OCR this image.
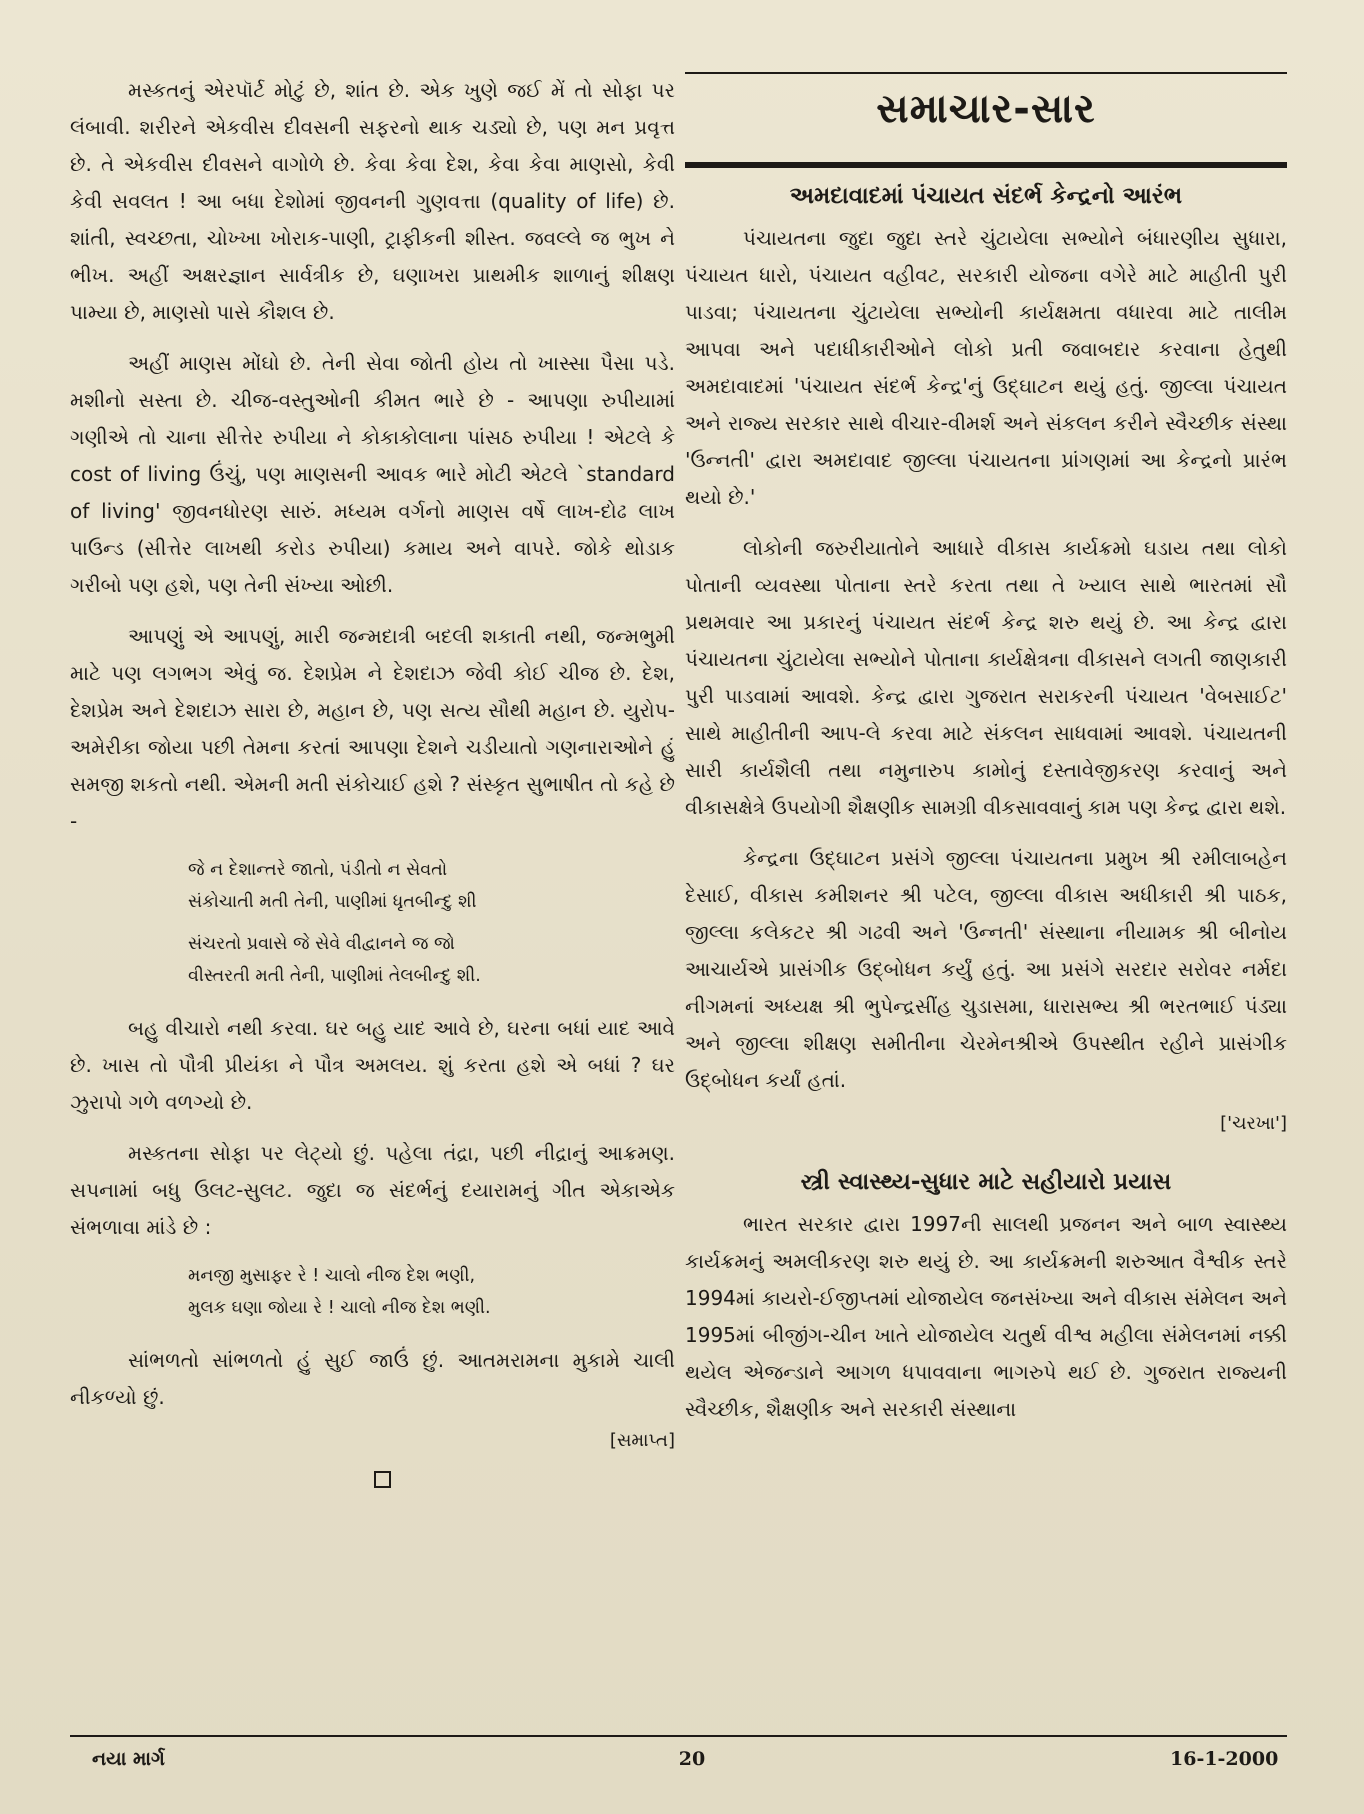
મસ્કતનું એરપૉર્ટ મોટું છે, શાંત છે. એક ખુણે જઈ મેં તો સોફા પર લંબાવી. શરીરને એકવીસ દીવસની સફરનો થાક ચડ્યો છે, પણ મન પ્રવૃત્ત છે. તે એકવીસ દીવસને વાગોળે છે. કેવા કેવા દેશ, કેવા કેવા માણસો, કેવી કેવી સવલત ! આ બધા દેશોમાં જીવનની ગુણવત્તા (quality of life) છે. શાંતી, સ્વચ્છતા, ચોખ્ખા ખોરાક-પાણી, ટ્રાફીકની શીસ્ત. જવલ્લે જ ભુખ ને ભીખ. અહીં અક્ષરજ્ઞાન સાર્વત્રીક છે, ઘણાખરા પ્રાથમીક શાળાનું શીક્ષણ પામ્યા છે, માણસો પાસે કૌશલ છે.

અહીં માણસ મોંઘો છે. તેની સેવા જોતી હોય તો ખાસ્સા પૈસા પડે. મશીનો સસ્તા છે. ચીજ-વસ્તુઓની કીમત ભારે છે - આપણા રુપીયામાં ગણીએ તો ચાના સીત્તેર રુપીયા ને કોકાકોલાના પાંસઠ રુપીયા ! એટલે કે cost of living ઉંચું, પણ માણસની આવક ભારે મોટી એટલે `standard of living' જીવનધોરણ સારું. મધ્યમ વર્ગનો માણસ વર્ષે લાખ-દોઢ લાખ પાઉન્ડ (સીત્તેર લાખથી કરોડ રુપીયા) કમાય અને વાપરે. જોકે થોડાક ગરીબો પણ હશે, પણ તેની સંખ્યા ઓછી.

આપણું એ આપણું, મારી જન્મદાત્રી બદલી શકાતી નથી, જન્મભુમી માટે પણ લગભગ એવું જ. દેશપ્રેમ ને દેશદાઝ જેવી કોઈ ચીજ છે. દેશ, દેશપ્રેમ અને દેશદાઝ સારા છે, મહાન છે, પણ સત્ય સૌથી મહાન છે. યુરોપ-અમેરીકા જોયા પછી તેમના કરતાં આપણા દેશને ચડીયાતો ગણનારાઓને હું સમજી શકતો નથી. એમની મતી સંકોચાઈ હશે ? સંસ્કૃત સુભાષીત તો કહે છે -

જે ન દેશાન્તરે જાતો, પંડીતો ન સેવતો
સંકોચાતી મતી તેની, પાણીમાં ધૃતબીન્દુ શી
સંચરતો પ્રવાસે જે સેવે વીદ્વાનને જ જો
વીસ્તરતી મતી તેની, પાણીમાં તેલબીન્દુ શી.

બહુ વીચારો નથી કરવા. ઘર બહુ યાદ આવે છે, ઘરના બધાં યાદ આવે છે. ખાસ તો પૌત્રી પ્રીયંકા ને પૌત્ર અમલય. શું કરતા હશે એ બધાં ? ઘર ઝુરાપો ગળે વળગ્યો છે.

મસ્કતના સોફા પર લેટ્યો છું. પહેલા તંદ્રા, પછી નીદ્રાનું આક્રમણ. સપનામાં બધુ ઉલટ-સુલટ. જુદા જ સંદર્ભનું દયારામનું ગીત એકાએક સંભળાવા માંડે છે :

મનજી મુસાફર રે ! ચાલો નીજ દેશ ભણી,
મુલક ઘણા જોયા રે ! ચાલો નીજ દેશ ભણી.

સાંભળતો સાંભળતો હું સુઈ જાઉં છું. આતમરામના મુકામે ચાલી નીકળ્યો છું.

[સમાપ્ત]
સમાચાર-સાર
અમદાવાદમાં પંચાયત સંદર્ભ કેન્દ્રનો આરંભ

પંચાયતના જુદા જુદા સ્તરે ચુંટાયેલા સભ્યોને બંધારણીય સુધારા, પંચાયત ધારો, પંચાયત વહીવટ, સરકારી યોજના વગેરે માટે માહીતી પુરી પાડવા; પંચાયતના ચુંટાયેલા સભ્યોની કાર્યક્ષમતા વધારવા માટે તાલીમ આપવા અને પદાધીકારીઓને લોકો પ્રતી જવાબદાર કરવાના હેતુથી અમદાવાદમાં 'પંચાયત સંદર્ભ કેન્દ્ર'નું ઉદ્ઘાટન થયું હતું. જીલ્લા પંચાયત અને રાજ્ય સરકાર સાથે વીચાર-વીમર્શ અને સંકલન કરીને સ્વૈચ્છીક સંસ્થા 'ઉન્નતી' દ્વારા અમદાવાદ જીલ્લા પંચાયતના પ્રાંગણમાં આ કેન્દ્રનો પ્રારંભ થયો છે.'

લોકોની જરુરીયાતોને આધારે વીકાસ કાર્યક્રમો ઘડાય તથા લોકો પોતાની વ્યવસ્થા પોતાના સ્તરે કરતા તથા તે ખ્યાલ સાથે ભારતમાં સૌ પ્રથમવાર આ પ્રકારનું પંચાયત સંદર્ભ કેન્દ્ર શરુ થયું છે. આ કેન્દ્ર દ્વારા પંચાયતના ચુંટાયેલા સભ્યોને પોતાના કાર્યક્ષેત્રના વીકાસને લગતી જાણકારી પુરી પાડવામાં આવશે. કેન્દ્ર દ્વારા ગુજરાત સરાકરની પંચાયત 'વેબસાઈટ' સાથે માહીતીની આપ-લે કરવા માટે સંકલન સાધવામાં આવશે. પંચાયતની સારી કાર્યશૈલી તથા નમુનારુપ કામોનું દસ્તાવેજીકરણ કરવાનું અને વીકાસક્ષેત્રે ઉપયોગી શૈક્ષણીક સામગ્રી વીકસાવવાનું કામ પણ કેન્દ્ર દ્વારા થશે.

કેન્દ્રના ઉદ્ઘાટન પ્રસંગે જીલ્લા પંચાયતના પ્રમુખ શ્રી રમીલાબહેન દેસાઈ, વીકાસ કમીશનર શ્રી પટેલ, જીલ્લા વીકાસ અધીકારી શ્રી પાઠક, જીલ્લા કલેકટર શ્રી ગઢવી અને 'ઉન્નતી' સંસ્થાના નીયામક શ્રી બીનોય આચાર્યએ પ્રાસંગીક ઉદ્બોધન કર્યું હતું. આ પ્રસંગે સરદાર સરોવર નર્મદા નીગમનાં અધ્યક્ષ શ્રી ભુપેન્દ્રસીંહ ચુડાસમા, ધારાસભ્ય શ્રી ભરતભાઈ પંડ્યા અને જીલ્લા શીક્ષણ સમીતીના ચેરમેનશ્રીએ ઉપસ્થીત રહીને પ્રાસંગીક ઉદ્બોધન કર્યાં હતાં.

['ચરખા']
સ્ત્રી સ્વાસ્થ્ય-સુધાર માટે સહીયારો પ્રયાસ

ભારત સરકાર દ્વારા 1997ની સાલથી પ્રજનન અને બાળ સ્વાસ્થ્ય કાર્યક્રમનું અમલીકરણ શરુ થયું છે. આ કાર્યક્રમની શરુઆત વૈશ્વીક સ્તરે 1994માં કાયરો-ઈજીપ્તમાં યોજાયેલ જનસંખ્યા અને વીકાસ સંમેલન અને 1995માં બીજીંગ-ચીન ખાતે યોજાયેલ ચતુર્થ વીશ્વ મહીલા સંમેલનમાં નક્કી થયેલ એજન્ડાને આગળ ધપાવવાના ભાગરુપે થઈ છે. ગુજરાત રાજ્યની સ્વૈચ્છીક, શૈક્ષણીક અને સરકારી સંસ્થાના

નયા માર્ગ	20	16-1-2000
